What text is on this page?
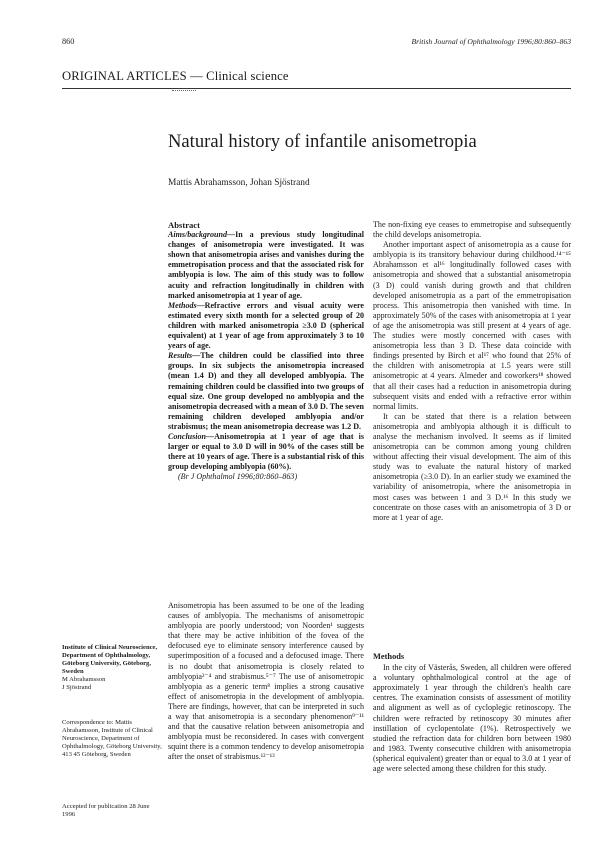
860	British Journal of Ophthalmology 1996;80:860–863
ORIGINAL ARTICLES — Clinical science
Natural history of infantile anisometropia
Mattis Abrahamsson, Johan Sjöstrand

Abstract

Aims/background—In a previous study longitudinal changes of anisometropia were investigated. It was shown that anisometropia arises and vanishes during the emmetropisation process and that the associated risk for amblyopia is low. The aim of this study was to follow acuity and refraction longitudinally in children with marked anisometropia at 1 year of age.

Methods—Refractive errors and visual acuity were estimated every sixth month for a selected group of 20 children with marked anisometropia ≥3.0 D (spherical equivalent) at 1 year of age from approximately 3 to 10 years of age.

Results—The children could be classified into three groups. In six subjects the anisometropia increased (mean 1.4 D) and they all developed amblyopia. The remaining children could be classified into two groups of equal size. One group developed no amblyopia and the anisometropia decreased with a mean of 3.0 D. The seven remaining children developed amblyopia and/or strabismus; the mean anisometropia decrease was 1.2 D.

Conclusion—Anisometropia at 1 year of age that is larger or equal to 3.0 D will in 90% of the cases still be there at 10 years of age. There is a substantial risk of this group developing amblyopia (60%).

(Br J Ophthalmol 1996;80:860–863)

Anisometropia has been assumed to be one of the leading causes of amblyopia. The mechanisms of anisometropic amblyopia are poorly understood; von Noorden¹ suggests that there may be active inhibition of the fovea of the defocused eye to eliminate sensory interference caused by superimposition of a focused and a defocused image. There is no doubt that anisometropia is closely related to amblyopia²⁻⁴ and strabismus.⁵⁻⁷ The use of anisometropic amblyopia as a generic term⁸ implies a strong causative effect of anisometropia in the development of amblyopia. There are findings, however, that can be interpreted in such a way that anisometropia is a secondary phenomenon⁹⁻¹¹ and that the causative relation between anisometropia and amblyopia must be reconsidered. In cases with convergent squint there is a common tendency to develop anisometropia after the onset of strabismus.¹²⁻¹³

The non-fixing eye ceases to emmetropise and subsequently the child develops anisometropia.

Another important aspect of anisometropia as a cause for amblyopia is its transitory behaviour during childhood.¹⁴⁻¹⁵ Abrahamsson et al¹⁶ longitudinally followed cases with anisometropia and showed that a substantial anisometropia (3 D) could vanish during growth and that children developed anisometropia as a part of the emmetropisation process. This anisometropia then vanished with time. In approximately 50% of the cases with anisometropia at 1 year of age the anisometropia was still present at 4 years of age. The studies were mostly concerned with cases with anisometropia less than 3 D. These data coincide with findings presented by Birch et al¹⁷ who found that 25% of the children with anisometropia at 1.5 years were still anisometropic at 4 years. Almeder and coworkers¹⁸ showed that all their cases had a reduction in anisometropia during subsequent visits and ended with a refractive error within normal limits.

It can be stated that there is a relation between anisometropia and amblyopia although it is difficult to analyse the mechanism involved. It seems as if limited anisometropia can be common among young children without affecting their visual development. The aim of this study was to evaluate the natural history of marked anisometropia (≥3.0 D). In an earlier study we examined the variability of anisometropia, where the anisometropia in most cases was between 1 and 3 D.¹⁶ In this study we concentrate on those cases with an anisometropia of 3 D or more at 1 year of age.

Methods

In the city of Västerås, Sweden, all children were offered a voluntary ophthalmological control at the age of approximately 1 year through the children's health care centres. The examination consists of assessment of motility and alignment as well as of cycloplegic retinoscopy. The children were refracted by retinoscopy 30 minutes after instillation of cyclopentolate (1%). Retrospectively we studied the refraction data for children born between 1980 and 1983. Twenty consecutive children with anisometropia (spherical equivalent) greater than or equal to 3.0 at 1 year of age were selected among these children for this study.

Institute of Clinical Neuroscience, Department of Ophthalmology, Göteborg University, Göteborg, Sweden

M Abrahamsson
J Sjöstrand

Correspondence to: Mattis Abrahamsson, Institute of Clinical Neuroscience, Department of Ophthalmology, Göteborg University, 413 45 Göteborg, Sweden

Accepted for publication 28 June 1996
